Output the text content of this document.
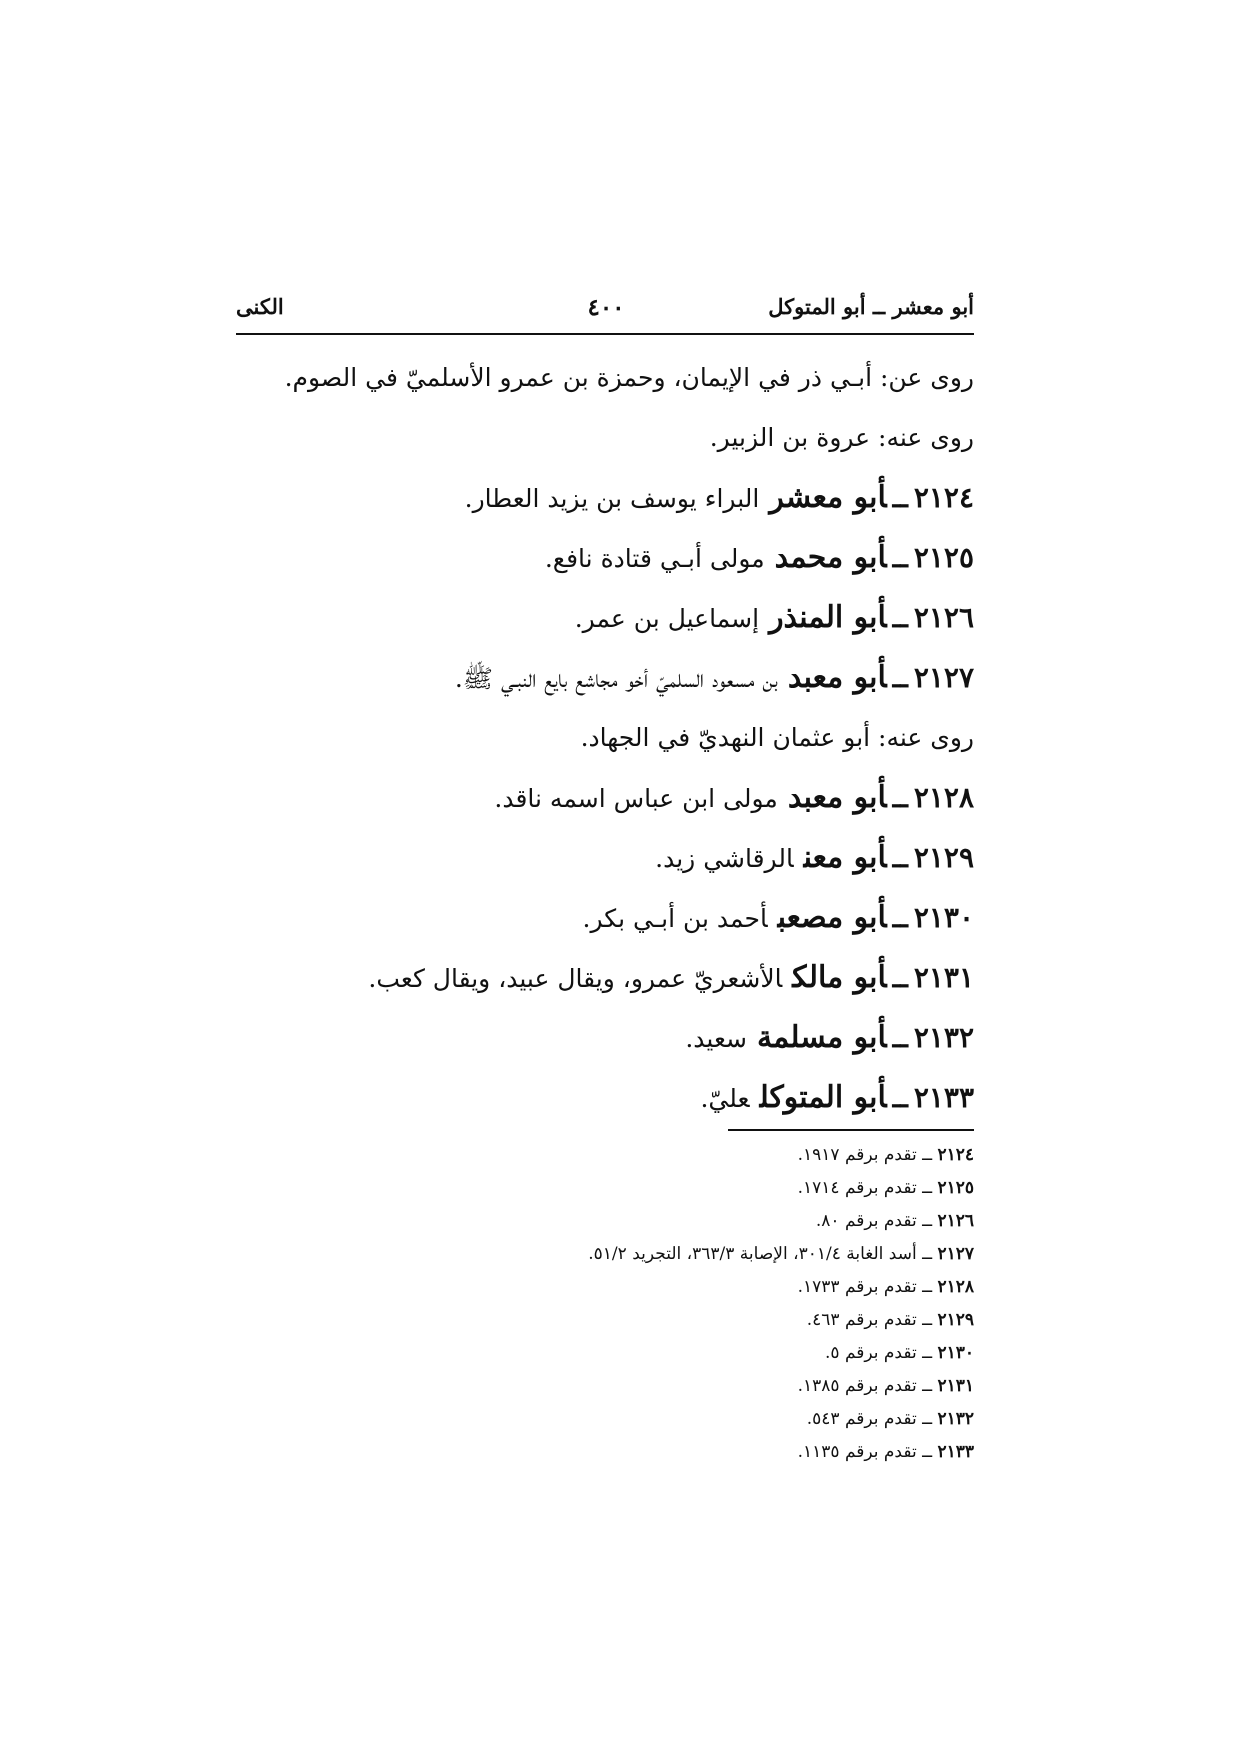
أبو معشر ــ أبو المتوكل
٤٠٠
الكنى
روى عن: أبـي ذر في الإيمان، وحمزة بن عمرو الأسلميّ في الصوم.
روى عنه: عروة بن الزبير.
٢١٢٤ــأبو معشرالبراء يوسف بن يزيد العطار.
٢١٢٥ــأبو محمدمولى أبـي قتادة نافع.
٢١٢٦ــأبو المنذرإسماعيل بن عمر.
٢١٢٧ــأبو معبدبن مسعود السلميّ أخو مجاشع بايع النبـي ﷺ.
روى عنه: أبو عثمان النهديّ في الجهاد.
٢١٢٨ــأبو معبدمولى ابن عباس اسمه ناقد.
٢١٢٩ــأبو معنالرقاشي زيد.
٢١٣٠ــأبو مصعبأحمد بن أبـي بكر.
٢١٣١ــأبو مالكالأشعريّ عمرو، ويقال عبيد، ويقال كعب.
٢١٣٢ــأبو مسلمةسعيد.
٢١٣٣ــأبو المتوكلعليّ.
٢١٢٤ ــ تقدم برقم ١٩١٧.
٢١٢٥ ــ تقدم برقم ١٧١٤.
٢١٢٦ ــ تقدم برقم ٨٠.
٢١٢٧ ــ أسد الغابة ٣٠١/٤، الإصابة ٣٦٣/٣، التجريد ٥١/٢.
٢١٢٨ ــ تقدم برقم ١٧٣٣.
٢١٢٩ ــ تقدم برقم ٤٦٣.
٢١٣٠ ــ تقدم برقم ٥.
٢١٣١ ــ تقدم برقم ١٣٨٥.
٢١٣٢ ــ تقدم برقم ٥٤٣.
٢١٣٣ ــ تقدم برقم ١١٣٥.
